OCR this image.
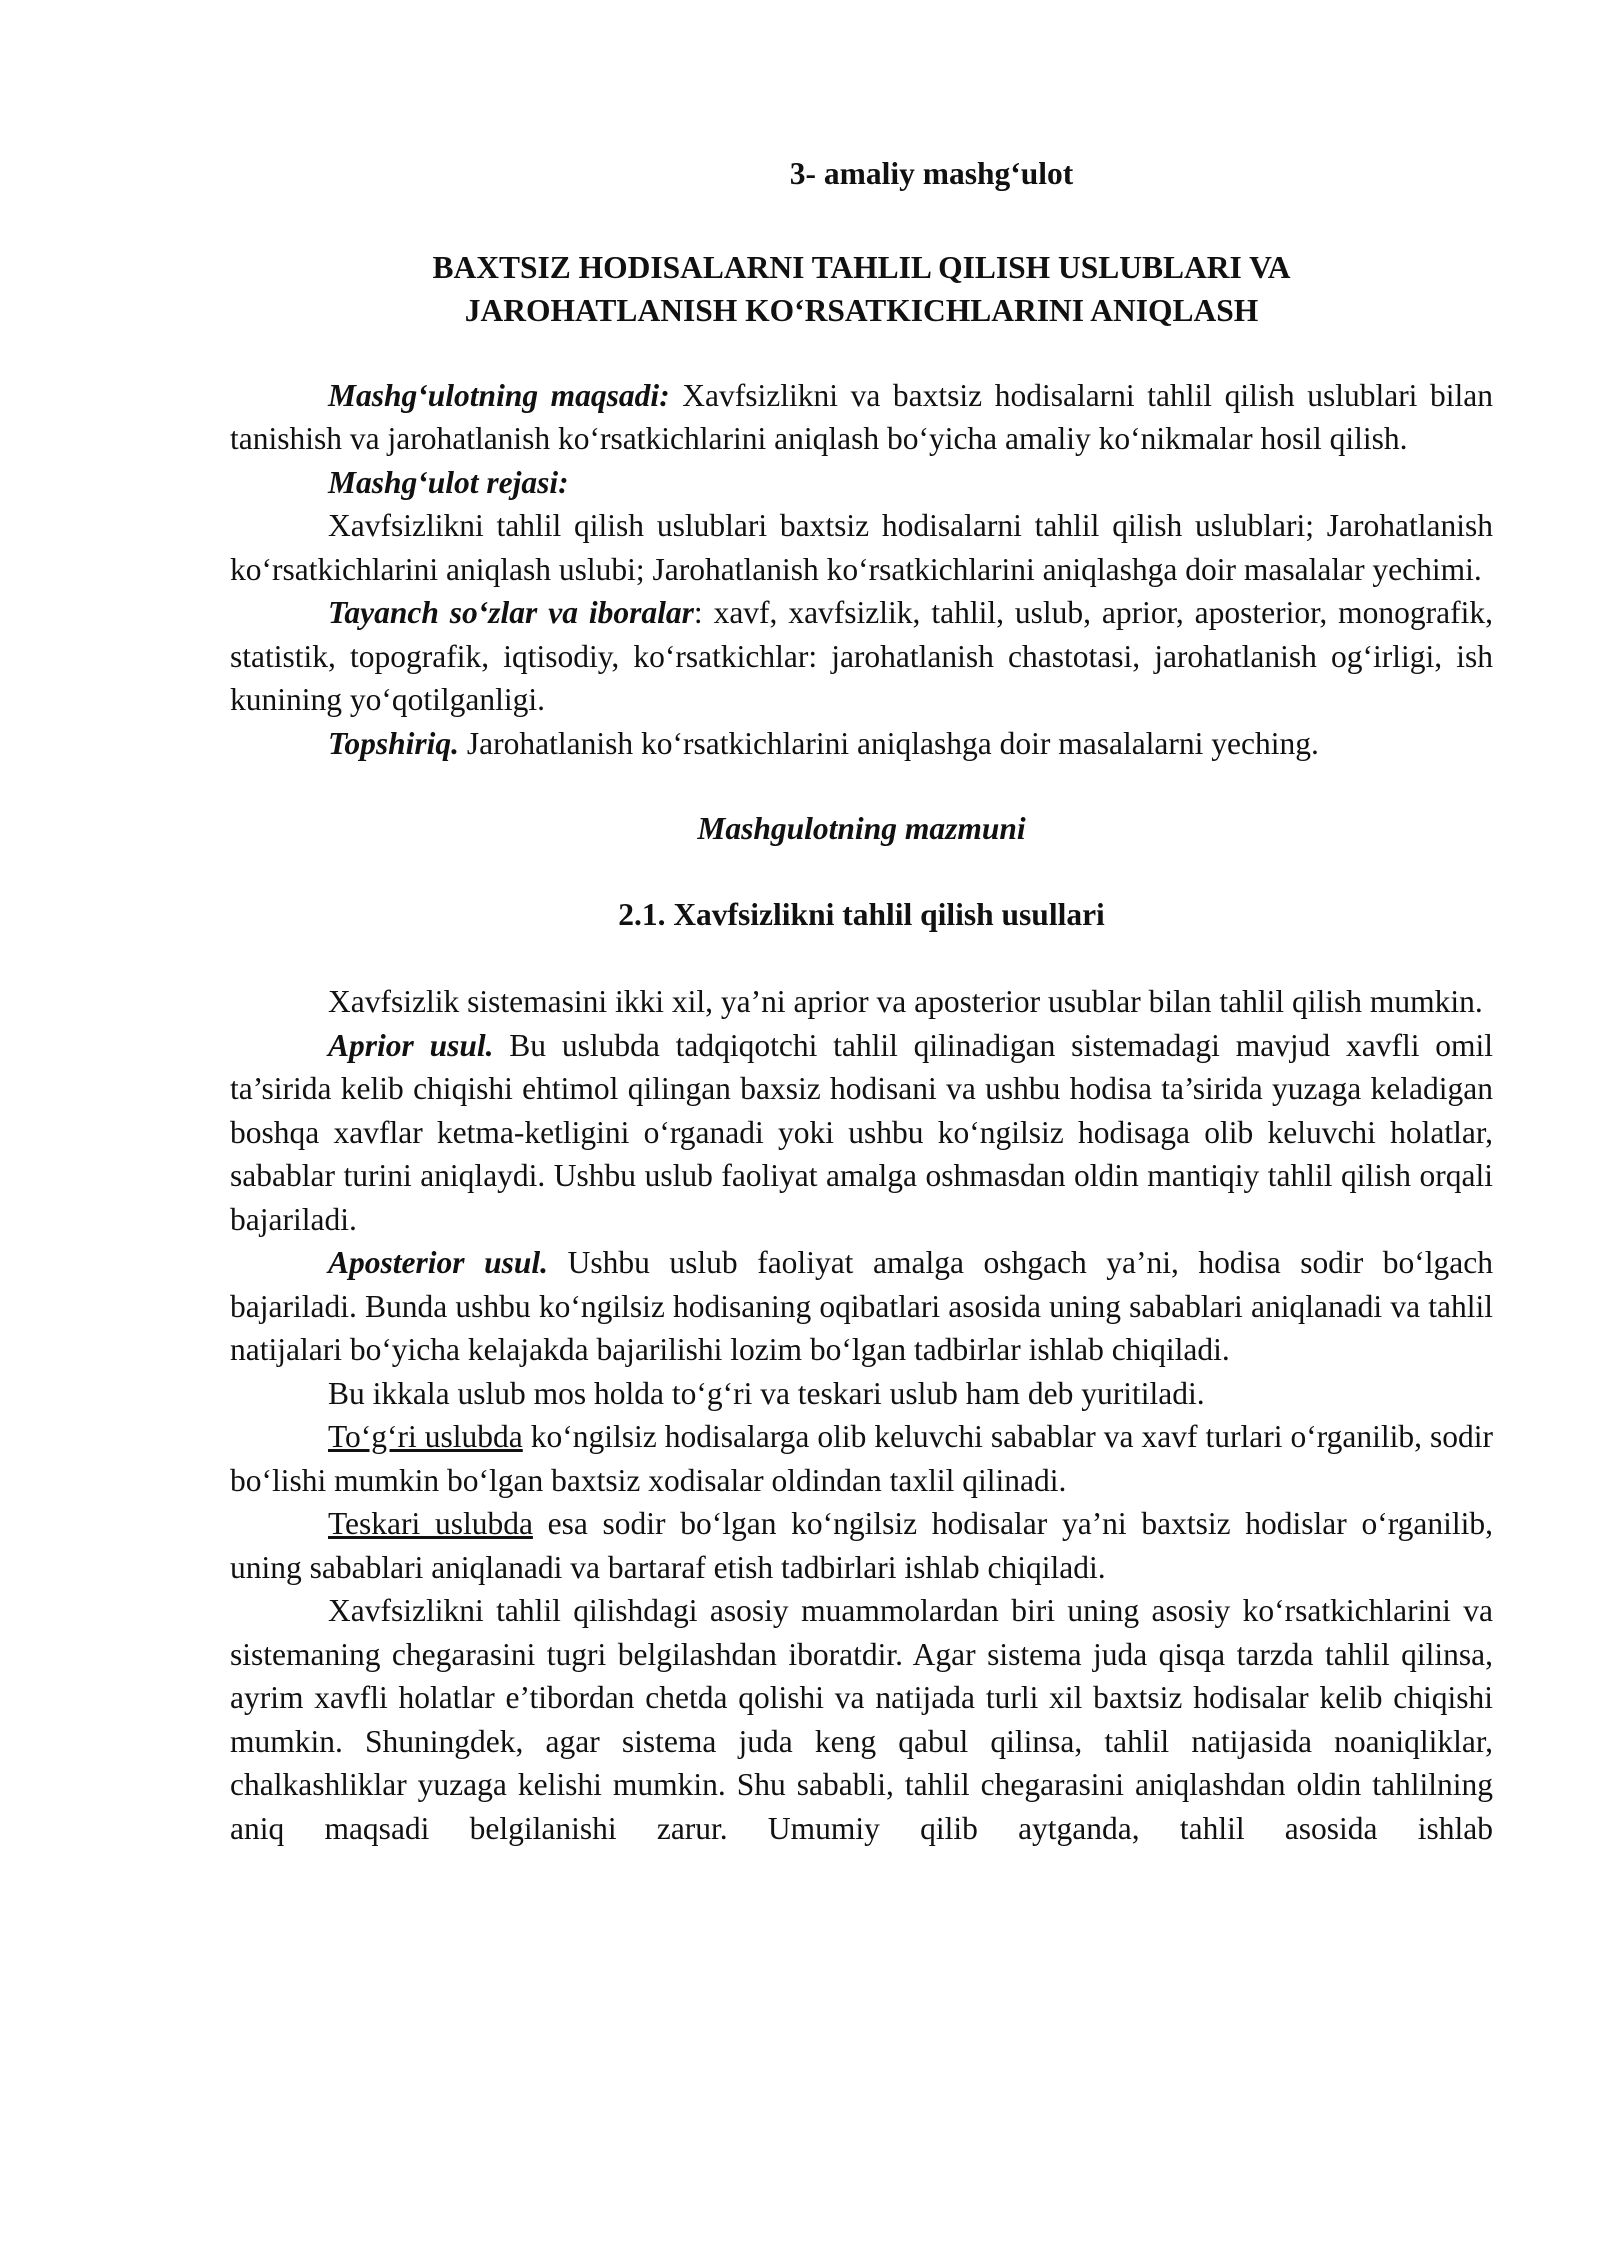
3- amaliy mashg‘ulot

BAXTSIZ HODISALARNI TAHLIL QILISH USLUBLARI VA
JAROHATLANISH KO‘RSATKICHLARINI ANIQLASH

Mashg‘ulotning maqsadi: Xavfsizlikni va baxtsiz hodisalarni tahlil qilish uslublari bilan tanishish va jarohatlanish ko‘rsatkichlarini aniqlash bo‘yicha amaliy ko‘nikmalar hosil qilish.

Mashg‘ulot rejasi:

Xavfsizlikni tahlil qilish uslublari baxtsiz hodisalarni tahlil qilish uslublari; Jarohatlanish ko‘rsatkichlarini aniqlash uslubi; Jarohatlanish ko‘rsatkichlarini aniqlashga doir masalalar yechimi.

Tayanch so‘zlar va iboralar: xavf, xavfsizlik, tahlil, uslub, aprior, aposterior, monografik, statistik, topografik, iqtisodiy, ko‘rsatkichlar: jarohatlanish chastotasi, jarohatlanish og‘irligi, ish kunining yo‘qotilganligi.

Topshiriq. Jarohatlanish ko‘rsatkichlarini aniqlashga doir masalalarni yeching.

Mashgulotning mazmuni

2.1. Xavfsizlikni tahlil qilish usullari

Xavfsizlik sistemasini ikki xil, ya’ni aprior va aposterior usublar bilan tahlil qilish mumkin.

Aprior usul. Bu uslubda tadqiqotchi tahlil qilinadigan sistemadagi mavjud xavfli omil ta’sirida kelib chiqishi ehtimol qilingan baxsiz hodisani va ushbu hodisa ta’sirida yuzaga keladigan boshqa xavflar ketma-ketligini o‘rganadi yoki ushbu ko‘ngilsiz hodisaga olib keluvchi holatlar, sabablar turini aniqlaydi. Ushbu uslub faoliyat amalga oshmasdan oldin mantiqiy tahlil qilish orqali bajariladi.

Aposterior usul. Ushbu uslub faoliyat amalga oshgach ya’ni, hodisa sodir bo‘lgach bajariladi. Bunda ushbu ko‘ngilsiz hodisaning oqibatlari asosida uning sabablari aniqlanadi va tahlil natijalari bo‘yicha kelajakda bajarilishi lozim bo‘lgan tadbirlar ishlab chiqiladi.

Bu ikkala uslub mos holda to‘g‘ri va teskari uslub ham deb yuritiladi.

To‘g‘ri uslubda ko‘ngilsiz hodisalarga olib keluvchi sabablar va xavf turlari o‘rganilib, sodir bo‘lishi mumkin bo‘lgan baxtsiz xodisalar oldindan taxlil qilinadi.

Teskari uslubda esa sodir bo‘lgan ko‘ngilsiz hodisalar ya’ni baxtsiz hodislar o‘rganilib, uning sabablari aniqlanadi va bartaraf etish tadbirlari ishlab chiqiladi.

Xavfsizlikni tahlil qilishdagi asosiy muammolardan biri uning asosiy ko‘rsatkichlarini va sistemaning chegarasini tugri belgilashdan iboratdir. Agar sistema juda qisqa tarzda tahlil qilinsa, ayrim xavfli holatlar e’tibordan chetda qolishi va natijada turli xil baxtsiz hodisalar kelib chiqishi mumkin. Shuningdek, agar sistema juda keng qabul qilinsa, tahlil natijasida noaniqliklar, chalkashliklar yuzaga kelishi mumkin. Shu sababli, tahlil chegarasini aniqlashdan oldin tahlilning aniq maqsadi belgilanishi zarur. Umumiy qilib aytganda, tahlil asosida ishlab
